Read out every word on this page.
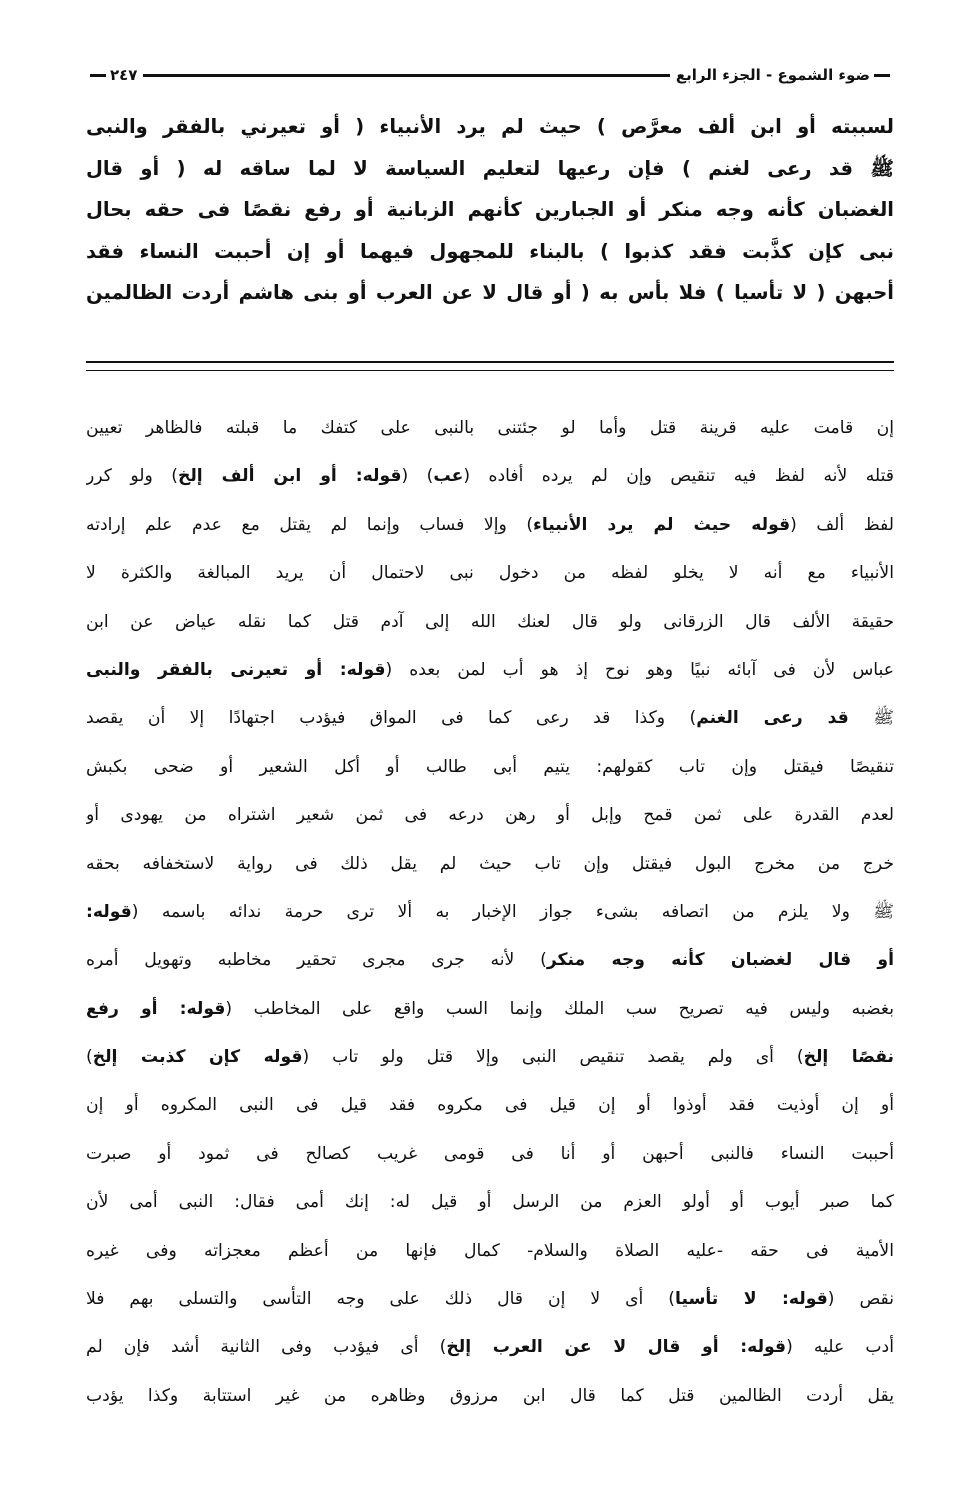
ضوء الشموع - الجزء الرابع
٢٤٧
لسببته أو ابن ألف معرَّص ) حيث لم يرد الأنبياء ( أو تعيرني بالفقر والنبى
ﷺ قد رعى لغنم ) فإن رعيها لتعليم السياسة لا لما ساقه له ( أو قال
الغضبان كأنه وجه منكر أو الجبارين كأنهم الزبانية أو رفع نقصًا فى حقه بحال
نبى كإن كذَّبت فقد كذبوا ) بالبناء للمجهول فيهما أو إن أحببت النساء فقد
أحبهن ( لا تأسيا ) فلا بأس به ( أو قال لا عن العرب أو بنى هاشم أردت الظالمين
إن قامت عليه قرينة قتل وأما لو جئتنى بالنبى على كتفك ما قبلته فالظاهر تعيين
قتله لأنه لفظ فيه تنقيص وإن لم يرده أفاده (عب) (قوله: أو ابن ألف إلخ) ولو كرر
لفظ ألف (قوله حيث لم يرد الأنبياء) وإلا فساب وإنما لم يقتل مع عدم علم إرادته
الأنبياء مع أنه لا يخلو لفظه من دخول نبى لاحتمال أن يريد المبالغة والكثرة لا
حقيقة الألف قال الزرقانى ولو قال لعنك الله إلى آدم قتل كما نقله عياض عن ابن
عباس لأن فى آبائه نبيًا وهو نوح إذ هو أب لمن بعده (قوله: أو تعيرنى بالفقر والنبى
ﷺ قد رعى الغنم) وكذا قد رعى كما فى المواق فيؤدب اجتهادًا إلا أن يقصد
تنقيصًا فيقتل وإن تاب كقولهم: يتيم أبى طالب أو أكل الشعير أو ضحى بكبش
لعدم القدرة على ثمن قمح وإبل أو رهن درعه فى ثمن شعير اشتراه من يهودى أو
خرج من مخرج البول فيقتل وإن تاب حيث لم يقل ذلك فى رواية لاستخفافه بحقه
ﷺ ولا يلزم من اتصافه بشىء جواز الإخبار به ألا ترى حرمة ندائه باسمه (قوله:
أو قال لغضبان كأنه وجه منكر) لأنه جرى مجرى تحقير مخاطبه وتهويل أمره
بغضبه وليس فيه تصريح سب الملك وإنما السب واقع على المخاطب (قوله: أو رفع
نقصًا إلخ) أى ولم يقصد تنقيص النبى وإلا قتل ولو تاب (قوله كإن كذبت إلخ)
أو إن أوذيت فقد أوذوا أو إن قيل فى مكروه فقد قيل فى النبى المكروه أو إن
أحببت النساء فالنبى أحبهن أو أنا فى قومى غريب كصالح فى ثمود أو صبرت
كما صبر أيوب أو أولو العزم من الرسل أو قيل له: إنك أمى فقال: النبى أمى لأن
الأمية فى حقه -عليه الصلاة والسلام- كمال فإنها من أعظم معجزاته وفى غيره
نقص (قوله: لا تأسيا) أى لا إن قال ذلك على وجه التأسى والتسلى بهم فلا
أدب عليه (قوله: أو قال لا عن العرب إلخ) أى فيؤدب وفى الثانية أشد فإن لم
يقل أردت الظالمين قتل كما قال ابن مرزوق وظاهره من غير استتابة وكذا يؤدب
